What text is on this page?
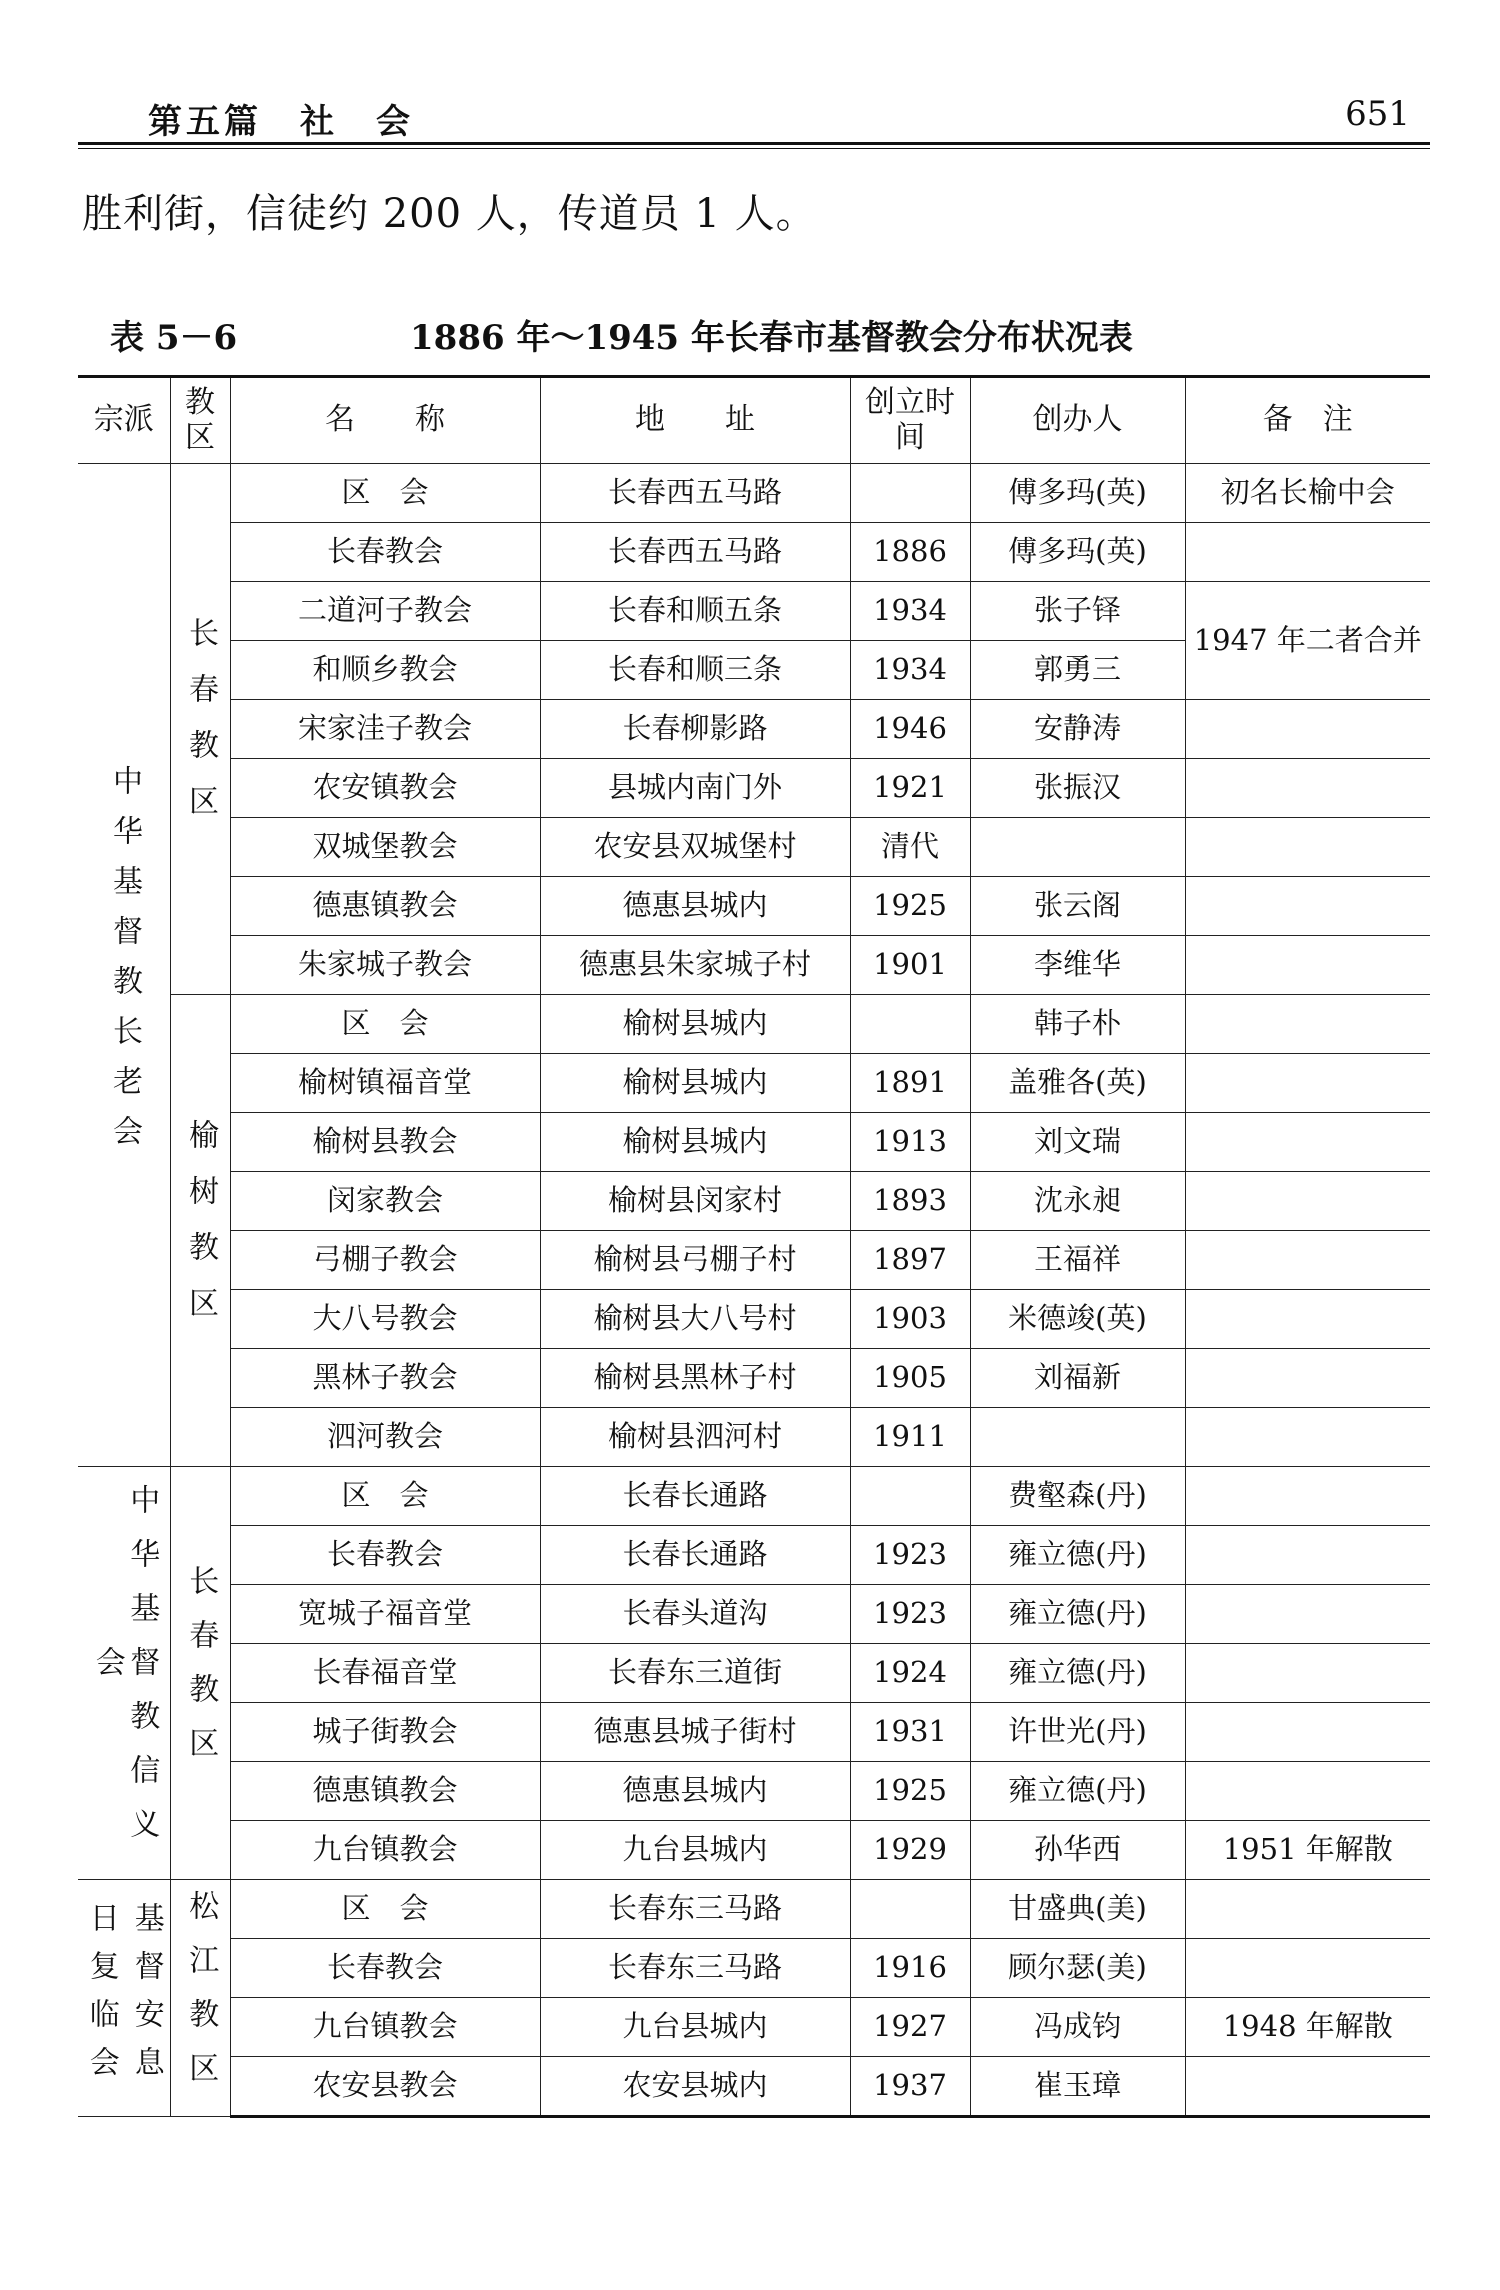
第五篇　社　会	651
胜利街，信徒约 200 人，传道员 1 人。
表 5－6	1886 年～1945 年长春市基督教会分布状况表
宗派	教区	名　　称	地　　址	创立时间	创办人	备　注
中华基督教长老会	长春教区	区　会	长春西五马路		傅多玛(英)	初名长榆中会
		长春教会	长春西五马路	1886	傅多玛(英)	
		二道河子教会	长春和顺五条	1934	张子铎	1947 年二者合并
		和顺乡教会	长春和顺三条	1934	郭勇三	
		宋家洼子教会	长春柳影路	1946	安静涛	
		农安镇教会	县城内南门外	1921	张振汉	
		双城堡教会	农安县双城堡村	清代		
		德惠镇教会	德惠县城内	1925	张云阁	
		朱家城子教会	德惠县朱家城子村	1901	李维华	
	榆树教区	区　会	榆树县城内		韩子朴	
		榆树镇福音堂	榆树县城内	1891	盖雅各(英)	
		榆树县教会	榆树县城内	1913	刘文瑞	
		闵家教会	榆树县闵家村	1893	沈永昶	
		弓棚子教会	榆树县弓棚子村	1897	王福祥	
		大八号教会	榆树县大八号村	1903	米德竣(英)	
		黑林子教会	榆树县黑林子村	1905	刘福新	
		泗河教会	榆树县泗河村	1911		
中华基督教信义会	长春教区	区　会	长春长通路		费壑森(丹)	
		长春教会	长春长通路	1923	雍立德(丹)	
		宽城子福音堂	长春头道沟	1923	雍立德(丹)	
		长春福音堂	长春东三道街	1924	雍立德(丹)	
		城子街教会	德惠县城子街村	1931	许世光(丹)	
		德惠镇教会	德惠县城内	1925	雍立德(丹)	
		九台镇教会	九台县城内	1929	孙华西	1951 年解散
基督安息日复临会	松江教区	区　会	长春东三马路		甘盛典(美)	
		长春教会	长春东三马路	1916	顾尔瑟(美)	
		九台镇教会	九台县城内	1927	冯成钧	1948 年解散
		农安县教会	农安县城内	1937	崔玉璋	
